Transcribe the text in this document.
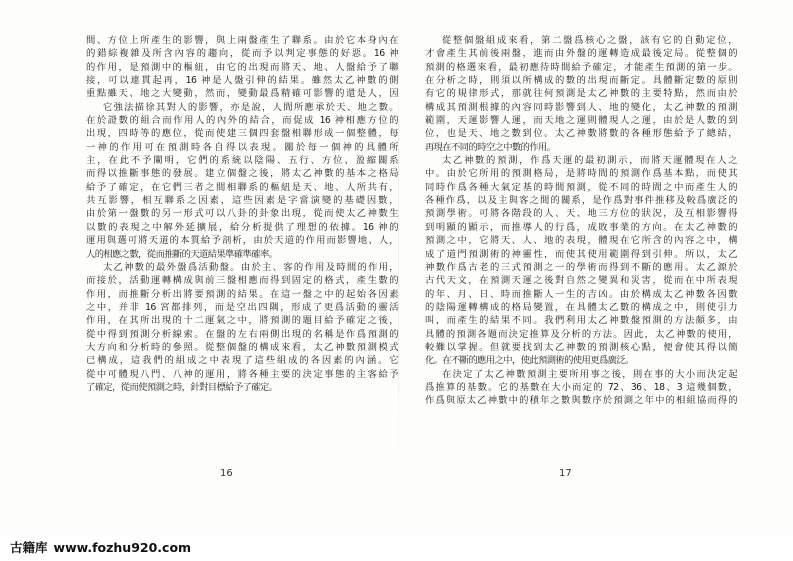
間、方位上所產生的影響，與上兩盤產生了聯系。由於它本身內在
的錯綜複雜及所含內容的趨向，從而予以判定事態的好惡。16 神
的作用，是預測中的樞紐，由它的出現而將天、地、人盤給予了聯
接，可以連貫起再，16 神是人盤引伸的結果。雖然太乙神數的側
重點雖天、地之大變動，然而，變動最爲精確可影響的還是人，因
它強法描徐其對人的影響，亦是說，人間所應承於天、地之數。
在於證數的組合而作用人的內外的結合，而促成 16 神相應方位的
出現，四時等的應位，從而使建三個四套盤相聯形成一個整體，每
一神的作用可在預測時各自得以表現。關於每一個神的具體所
主，在此不予闡明，它們的系統以陰陽、五行、方位、盈縮關系
而得以推斷事態的發展。建立個盤之後，將太乙神數的基本之格局
給予了確定，在它們三者之間相聯系的樞紐是天、地、人所共有，
共互影響，相互聯系之因素，這些因素是字當演變的基礎因數，
由於第一盤數的另一形式可以八卦的卦象出現，從而使太乙神數生
以數的表現之中解外延擴展，給分析提供了理想的依據。16 神的
運用與選可將天道的本質給予剖析，由於天道的作用而影響地、人，
人的相應之數，從而推斷的天道結果準確準確率。
太乙神數的最外盤爲活動盤。由於主、客的作用及時間的作用，
而接於，活動運轉構成與前三盤相應而得到固定的格式，產生數的
作用，而推斷分析出將要預測的結果。在這一盤之中的起始各因素
之中，并非 16 宮都排列，而是空出四隅，形成了更爲活動的靈活
作用，在其所出現的十二運氣之中，將預測的題目給予確定之後，
從中得到預測分析線索。在盤的左右兩側出現的名稱是作爲預測的
大方向和分析時的參照。從整個盤的構成來看，太乙神數預測模式
已構成，這我們的組成之中表現了這些組成的各因素的內涵。它
從中可體現八門、八神的運用，將各種主要的決定事態的主客給予
了確定，從而使預測之時，針對目標給予了確定。
16
從整個盤組成來看，第二盤爲核心之盤，該有它的自動定位，
才會產生其前後兩盤，進而由外盤的運轉造成最後定局。從整個的
預測的格選來看，最初應待時間給予確定，才能產生預測的第一步。
在分析之時，則須以所構成的數的出現而斷定。具體斷定數的原則
有它的規律形式，那就往何預測是太乙神數的主要特點，然而由於
構成其預測根據的內容同時影響到人、地的變化，太乙神數的預測
範圍，天運影響人運，而天地之運則體現人之運，由於是人數的到
位，也是天、地之數到位。太乙神數將數的各種形態給予了總結，
再現在不同的時空之中數的作用。
太乙神數的預測，作爲天運的最初測示，而將天運體現在人之
中。由於它所用的預測格局，是將時間的預測作爲基本點，而使其
同時作爲各種大氣定基的時間預測，從不同的時間之中而產生人的
各種作爲，以及主與客之間的關系，是作爲對事件推移及較爲廣泛的
預測學術。可將各階段的人、天、地三方位的狀況，及互相影響得
到明顯的顯示，而推導人的行爲，成敗事業的方向。在太乙神數的
預測之中，它將天、人、地的表現，體現在它所含的內容之中，構
成了道門預測術的神靈性，而使其使用範圍得到引伸。所以，太乙
神數作爲古老的三式預測之一的學術而得到不斷的應用。太乙源於
古代天文，在預測天運之後對自然之變異和災害，從而在中所表現
的年、月、日、時而推斷人一生的吉凶。由於構成太乙神數各因數
的陰陽運轉構成的格局變置，在具體太乙數的構成之中，則使引力
叫，而產生的結果不同。我們利用太乙神數盤預測的方法頗多，由
具體的預測各題而決定推算及分析的方法。因此，太乙神數的使用，
較難以掌握。但就要找到太乙神數的預測核心點，便會使其得以簡
化。在不斷的應用之中，使此預測術的使用更爲廣泛。
在決定了太乙神數預測主要所用事之後，則在事的大小而決定起
爲推算的基數。它的基數在大小而定的 72、36、18、3 這幾個數，
作爲與原太乙神數中的積年之數與數序於預測之年中的相組協而得的
17
古籍库 www.fozhu920.com
